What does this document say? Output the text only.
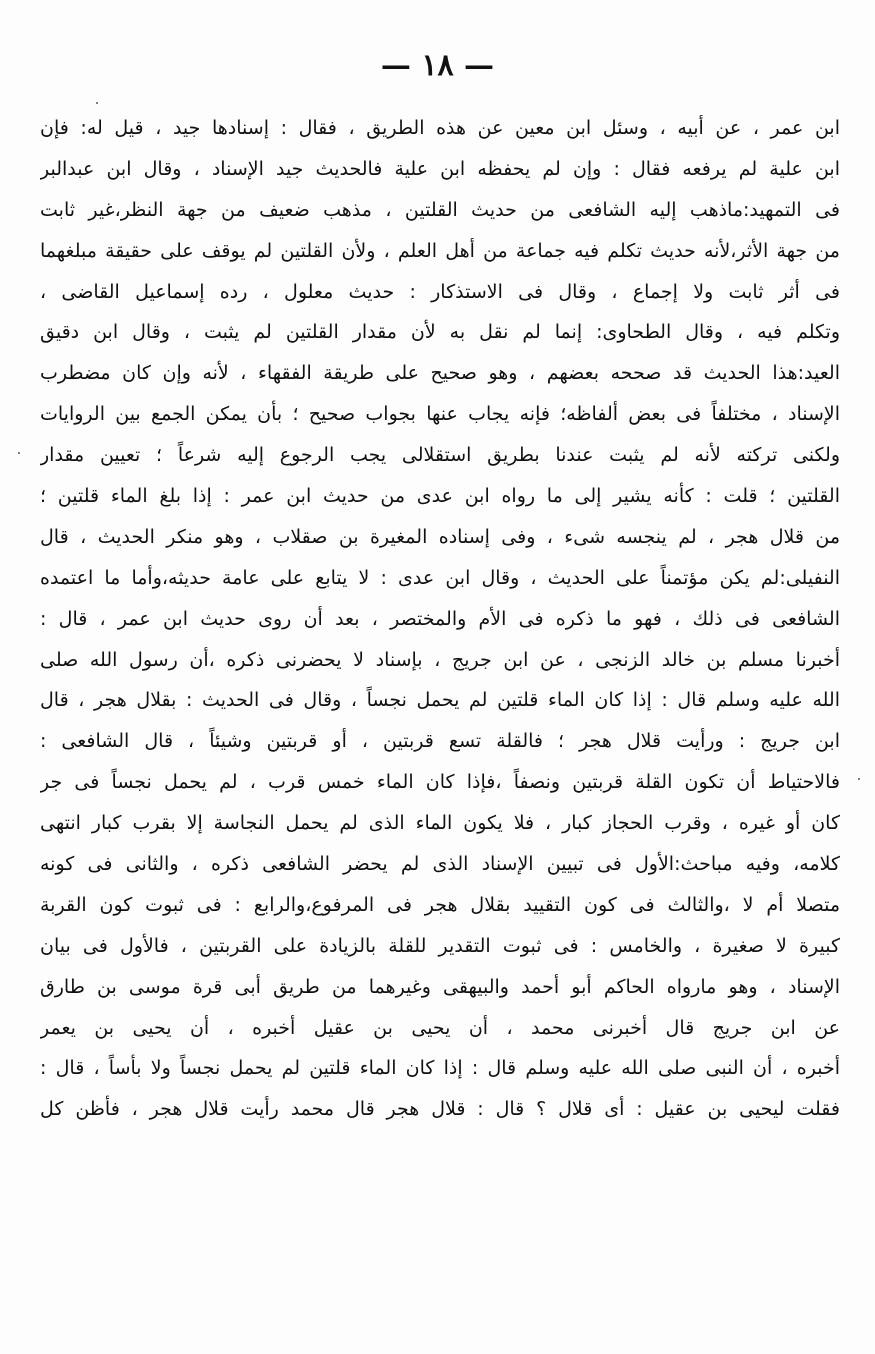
— ١٨ —
ابن عمر ، عن أبيه ، وسئل ابن معين عن هذه الطريق ، فقال : إسنادها جيد ، قيل له: فإن
ابن علية لم يرفعه فقال : وإن لم يحفظه ابن علية فالحديث جيد الإسناد ، وقال ابن عبدالبر
فى التمهيد:ماذهب إليه الشافعى من حديث القلتين ، مذهب ضعيف من جهة النظر،غير ثابت
من جهة الأثر،لأنه حديث تكلم فيه جماعة من أهل العلم ، ولأن القلتين لم يوقف على حقيقة مبلغهما
فى أثر ثابت ولا إجماع ، وقال فى الاستذكار : حديث معلول ، رده إسماعيل القاضى ،
وتكلم فيه ، وقال الطحاوى: إنما لم نقل به لأن مقدار القلتين لم يثبت ، وقال ابن دقيق
العيد:هذا الحديث قد صححه بعضهم ، وهو صحيح على طريقة الفقهاء ، لأنه وإن كان مضطرب
الإسناد ، مختلفاً فى بعض ألفاظه؛ فإنه يجاب عنها بجواب صحيح ؛ بأن يمكن الجمع بين الروايات
ولكنى تركته لأنه لم يثبت عندنا بطريق استقلالى يجب الرجوع إليه شرعاً ؛ تعيين مقدار
القلتين ؛ قلت : كأنه يشير إلى ما رواه ابن عدى من حديث ابن عمر : إذا بلغ الماء قلتين ؛
من قلال هجر ، لم ينجسه شىء ، وفى إسناده المغيرة بن صقلاب ، وهو منكر الحديث ، قال
النفيلى:لم يكن مؤتمناً على الحديث ، وقال ابن عدى : لا يتابع على عامة حديثه،وأما ما اعتمده
الشافعى فى ذلك ، فهو ما ذكره فى الأم والمختصر ، بعد أن روى حديث ابن عمر ، قال :
أخبرنا مسلم بن خالد الزنجى ، عن ابن جريج ، بإسناد لا يحضرنى ذكره ،أن رسول الله صلى
الله عليه وسلم قال : إذا كان الماء قلتين لم يحمل نجساً ، وقال فى الحديث : بقلال هجر ، قال
ابن جريج : ورأيت قلال هجر ؛ فالقلة تسع قربتين ، أو قربتين وشيئاً ، قال الشافعى :
فالاحتياط أن تكون القلة قربتين ونصفاً ،فإذا كان الماء خمس قرب ، لم يحمل نجساً فى جر
كان أو غيره ، وقرب الحجاز كبار ، فلا يكون الماء الذى لم يحمل النجاسة إلا بقرب كبار انتهى
كلامه، وفيه مباحث:الأول فى تبيين الإسناد الذى لم يحضر الشافعى ذكره ، والثانى فى كونه
متصلا أم لا ،والثالث فى كون التقييد بقلال هجر فى المرفوع،والرابع : فى ثبوت كون القربة
كبيرة لا صغيرة ، والخامس : فى ثبوت التقدير للقلة بالزيادة على القربتين ، فالأول فى بيان
الإسناد ، وهو مارواه الحاكم أبو أحمد والبيهقى وغيرهما من طريق أبى قرة موسى بن طارق
عن ابن جريج قال أخبرنى محمد ، أن يحيى بن عقيل أخبره ، أن يحيى بن يعمر
أخبره ، أن النبى صلى الله عليه وسلم قال : إذا كان الماء قلتين لم يحمل نجساً ولا بأساً ، قال :
فقلت ليحيى بن عقيل : أى قلال ؟ قال : قلال هجر قال محمد رأيت قلال هجر ، فأظن كل
